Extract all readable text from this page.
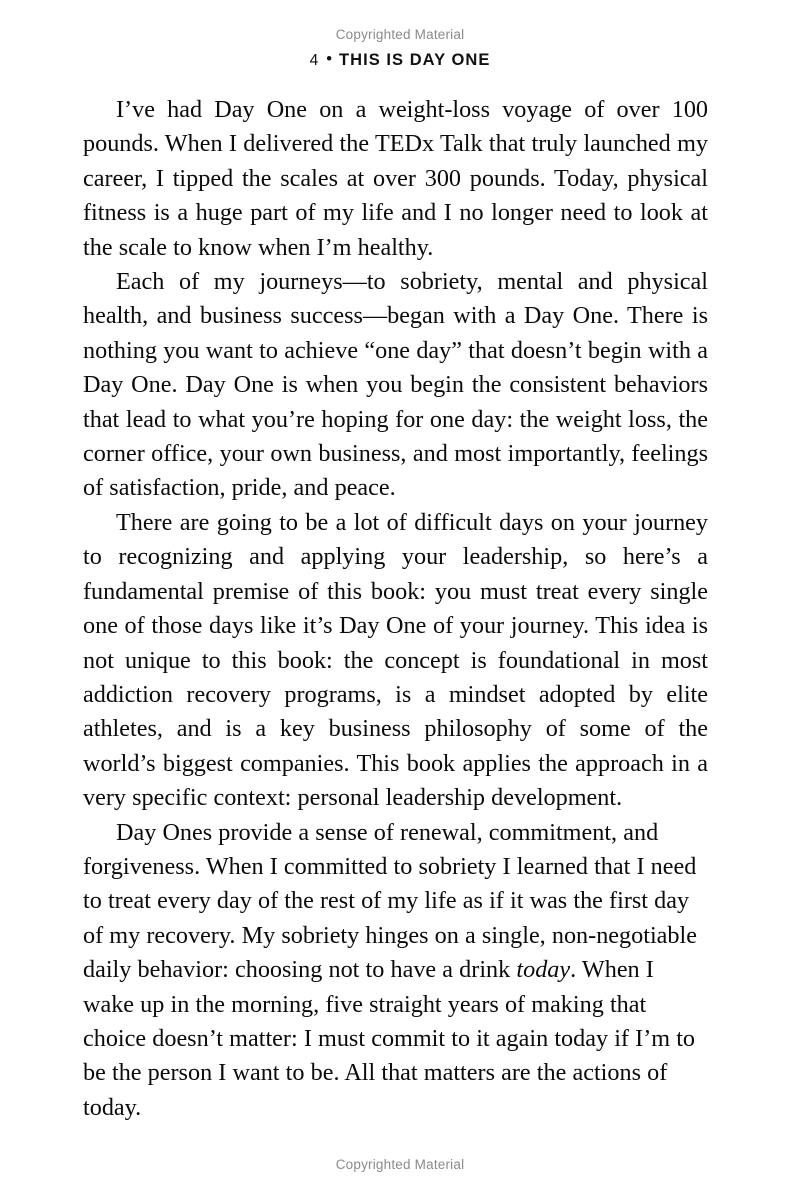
Copyrighted Material
4 • THIS IS DAY ONE

I’ve had Day One on a weight-loss voyage of over 100 pounds. When I delivered the TEDx Talk that truly launched my career, I tipped the scales at over 300 pounds. Today, physical fitness is a huge part of my life and I no longer need to look at the scale to know when I’m healthy.

Each of my journeys—to sobriety, mental and physical health, and business success—began with a Day One. There is nothing you want to achieve “one day” that doesn’t begin with a Day One. Day One is when you begin the consistent behaviors that lead to what you’re hoping for one day: the weight loss, the corner office, your own business, and most importantly, feelings of satisfaction, pride, and peace.

There are going to be a lot of difficult days on your journey to recognizing and applying your leadership, so here’s a fundamental premise of this book: you must treat every single one of those days like it’s Day One of your journey. This idea is not unique to this book: the concept is foundational in most addiction recovery programs, is a mindset adopted by elite athletes, and is a key business philosophy of some of the world’s biggest companies. This book applies the approach in a very specific context: personal leadership development.

Day Ones provide a sense of renewal, commitment, and forgiveness. When I committed to sobriety I learned that I need to treat every day of the rest of my life as if it was the first day of my recovery. My sobriety hinges on a single, non-negotiable daily behavior: choosing not to have a drink today. When I wake up in the morning, five straight years of making that choice doesn’t matter: I must commit to it again today if I’m to be the person I want to be. All that matters are the actions of today.

Copyrighted Material
